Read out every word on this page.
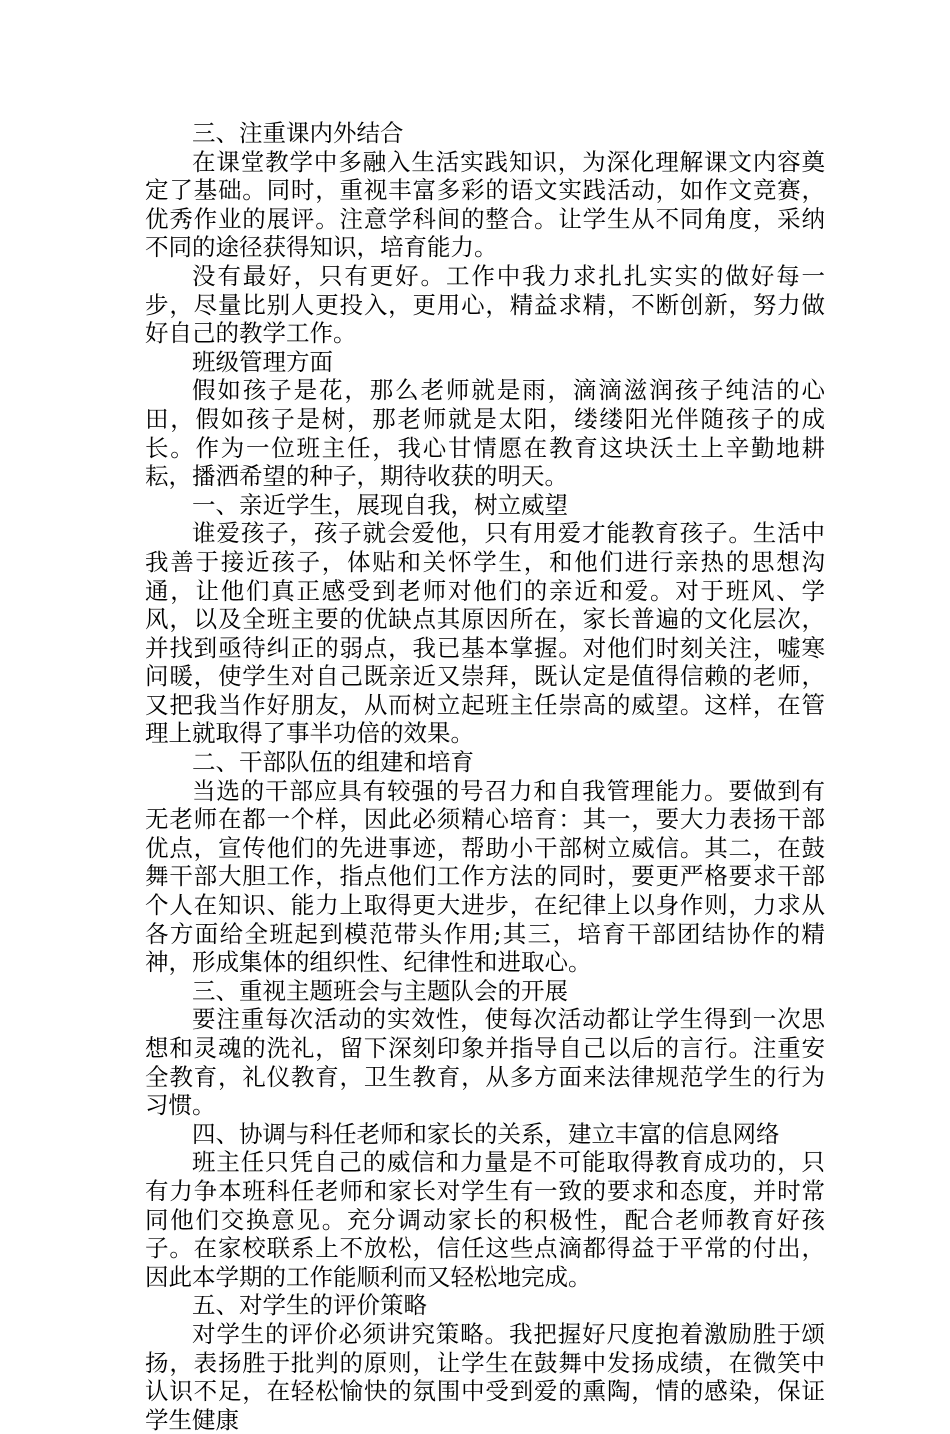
三、注重课内外结合

在课堂教学中多融入生活实践知识，为深化理解课文内容奠定了基础。同时，重视丰富多彩的语文实践活动，如作文竞赛，优秀作业的展评。注意学科间的整合。让学生从不同角度，采纳不同的途径获得知识，培育能力。

没有最好，只有更好。工作中我力求扎扎实实的做好每一步，尽量比别人更投入，更用心，精益求精，不断创新，努力做好自己的教学工作。

班级管理方面

假如孩子是花，那么老师就是雨，滴滴滋润孩子纯洁的心田，假如孩子是树，那老师就是太阳，缕缕阳光伴随孩子的成长。作为一位班主任，我心甘情愿在教育这块沃土上辛勤地耕耘，播洒希望的种子，期待收获的明天。

一、亲近学生，展现自我，树立威望

谁爱孩子，孩子就会爱他，只有用爱才能教育孩子。生活中我善于接近孩子，体贴和关怀学生，和他们进行亲热的思想沟通，让他们真正感受到老师对他们的亲近和爱。对于班风、学风，以及全班主要的优缺点其原因所在，家长普遍的文化层次，并找到亟待纠正的弱点，我已基本掌握。对他们时刻关注，嘘寒问暖，使学生对自己既亲近又崇拜，既认定是值得信赖的老师，又把我当作好朋友，从而树立起班主任崇高的威望。这样，在管理上就取得了事半功倍的效果。

二、干部队伍的组建和培育

当选的干部应具有较强的号召力和自我管理能力。要做到有无老师在都一个样，因此必须精心培育：其一，要大力表扬干部优点，宣传他们的先进事迹，帮助小干部树立威信。其二，在鼓舞干部大胆工作，指点他们工作方法的同时，要更严格要求干部个人在知识、能力上取得更大进步，在纪律上以身作则，力求从各方面给全班起到模范带头作用;其三，培育干部团结协作的精神，形成集体的组织性、纪律性和进取心。

三、重视主题班会与主题队会的开展

要注重每次活动的实效性，使每次活动都让学生得到一次思想和灵魂的洗礼，留下深刻印象并指导自己以后的言行。注重安全教育，礼仪教育，卫生教育，从多方面来法律规范学生的行为习惯。

四、协调与科任老师和家长的关系，建立丰富的信息网络

班主任只凭自己的威信和力量是不可能取得教育成功的，只有力争本班科任老师和家长对学生有一致的要求和态度，并时常同他们交换意见。充分调动家长的积极性，配合老师教育好孩子。在家校联系上不放松，信任这些点滴都得益于平常的付出，因此本学期的工作能顺利而又轻松地完成。

五、对学生的评价策略

对学生的评价必须讲究策略。我把握好尺度抱着激励胜于颂扬，表扬胜于批判的原则，让学生在鼓舞中发扬成绩，在微笑中认识不足，在轻松愉快的氛围中受到爱的熏陶，情的感染，保证学生健康
